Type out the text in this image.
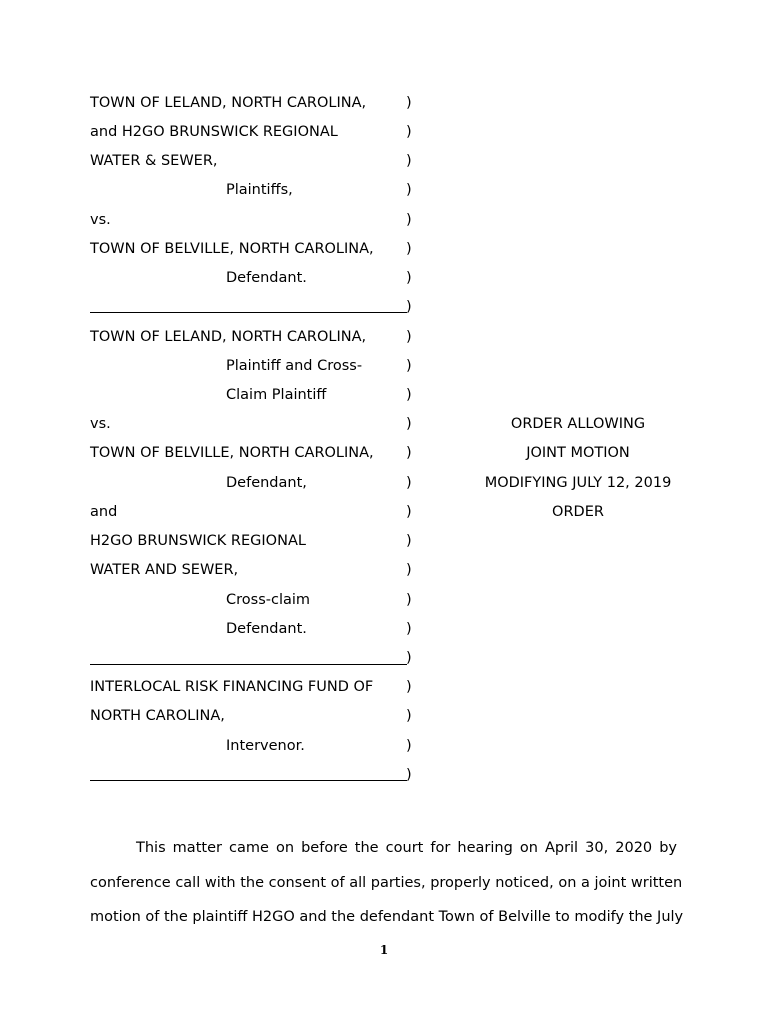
TOWN OF LELAND, NORTH CAROLINA,
and H2GO BRUNSWICK REGIONAL
WATER & SEWER,
Plaintiffs,
vs.
TOWN OF BELVILLE, NORTH CAROLINA,
Defendant.
TOWN OF LELAND, NORTH CAROLINA,
Plaintiff and Cross-
Claim Plaintiff
vs.
TOWN OF BELVILLE, NORTH CAROLINA,
Defendant,
and
H2GO BRUNSWICK REGIONAL
WATER AND SEWER,
Cross-claim
Defendant.
INTERLOCAL RISK FINANCING FUND OF
NORTH CAROLINA,
Intervenor.
)
)
)
)
)
)
)
)
)
)
)
)
)
)
)
)
)
)
)
)
)
)
)
)
ORDER ALLOWING
JOINT MOTION
MODIFYING JULY 12, 2019
ORDER
This matter came on before the court for hearing on April 30, 2020 by
conference call with the consent of all parties, properly noticed, on a joint written
motion of the plaintiff H2GO and the defendant Town of Belville to modify the July
1
